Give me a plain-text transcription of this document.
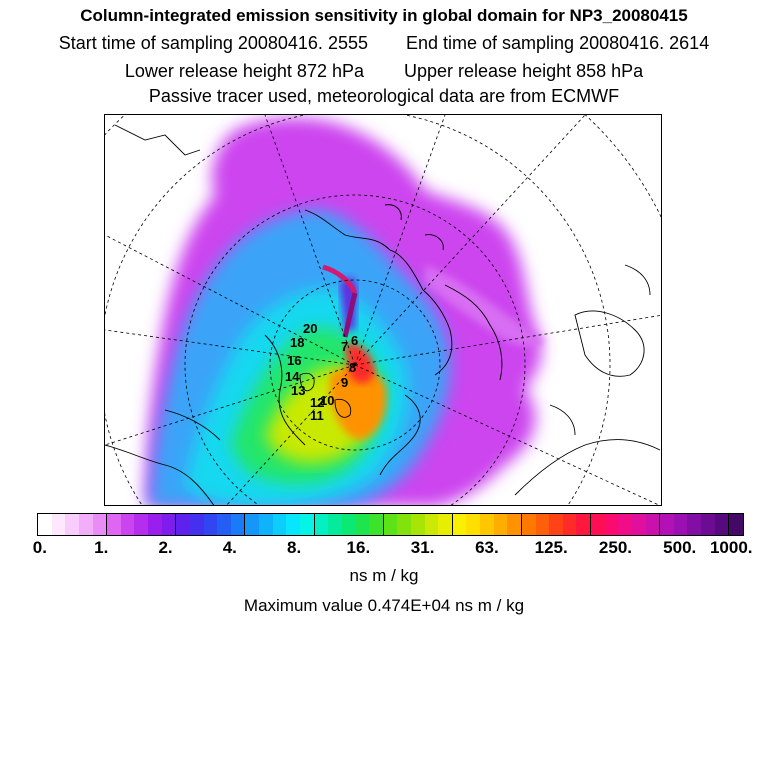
Column-integrated emission sensitivity in global domain for NP3_20080415
Start time of sampling 20080416. 2555 End time of sampling 20080416. 2614
Lower release height 872 hPa Upper release height 858 hPa
Passive tracer used, meteorological data are from ECMWF
20
18
16
14
13
12
11
10
9
8
7 6
0.	1.	2.	4.	8.	16. 31. 63. 125. 250. 500. 1000.
ns m / kg
Maximum value 0.474E+04 ns m / kg
